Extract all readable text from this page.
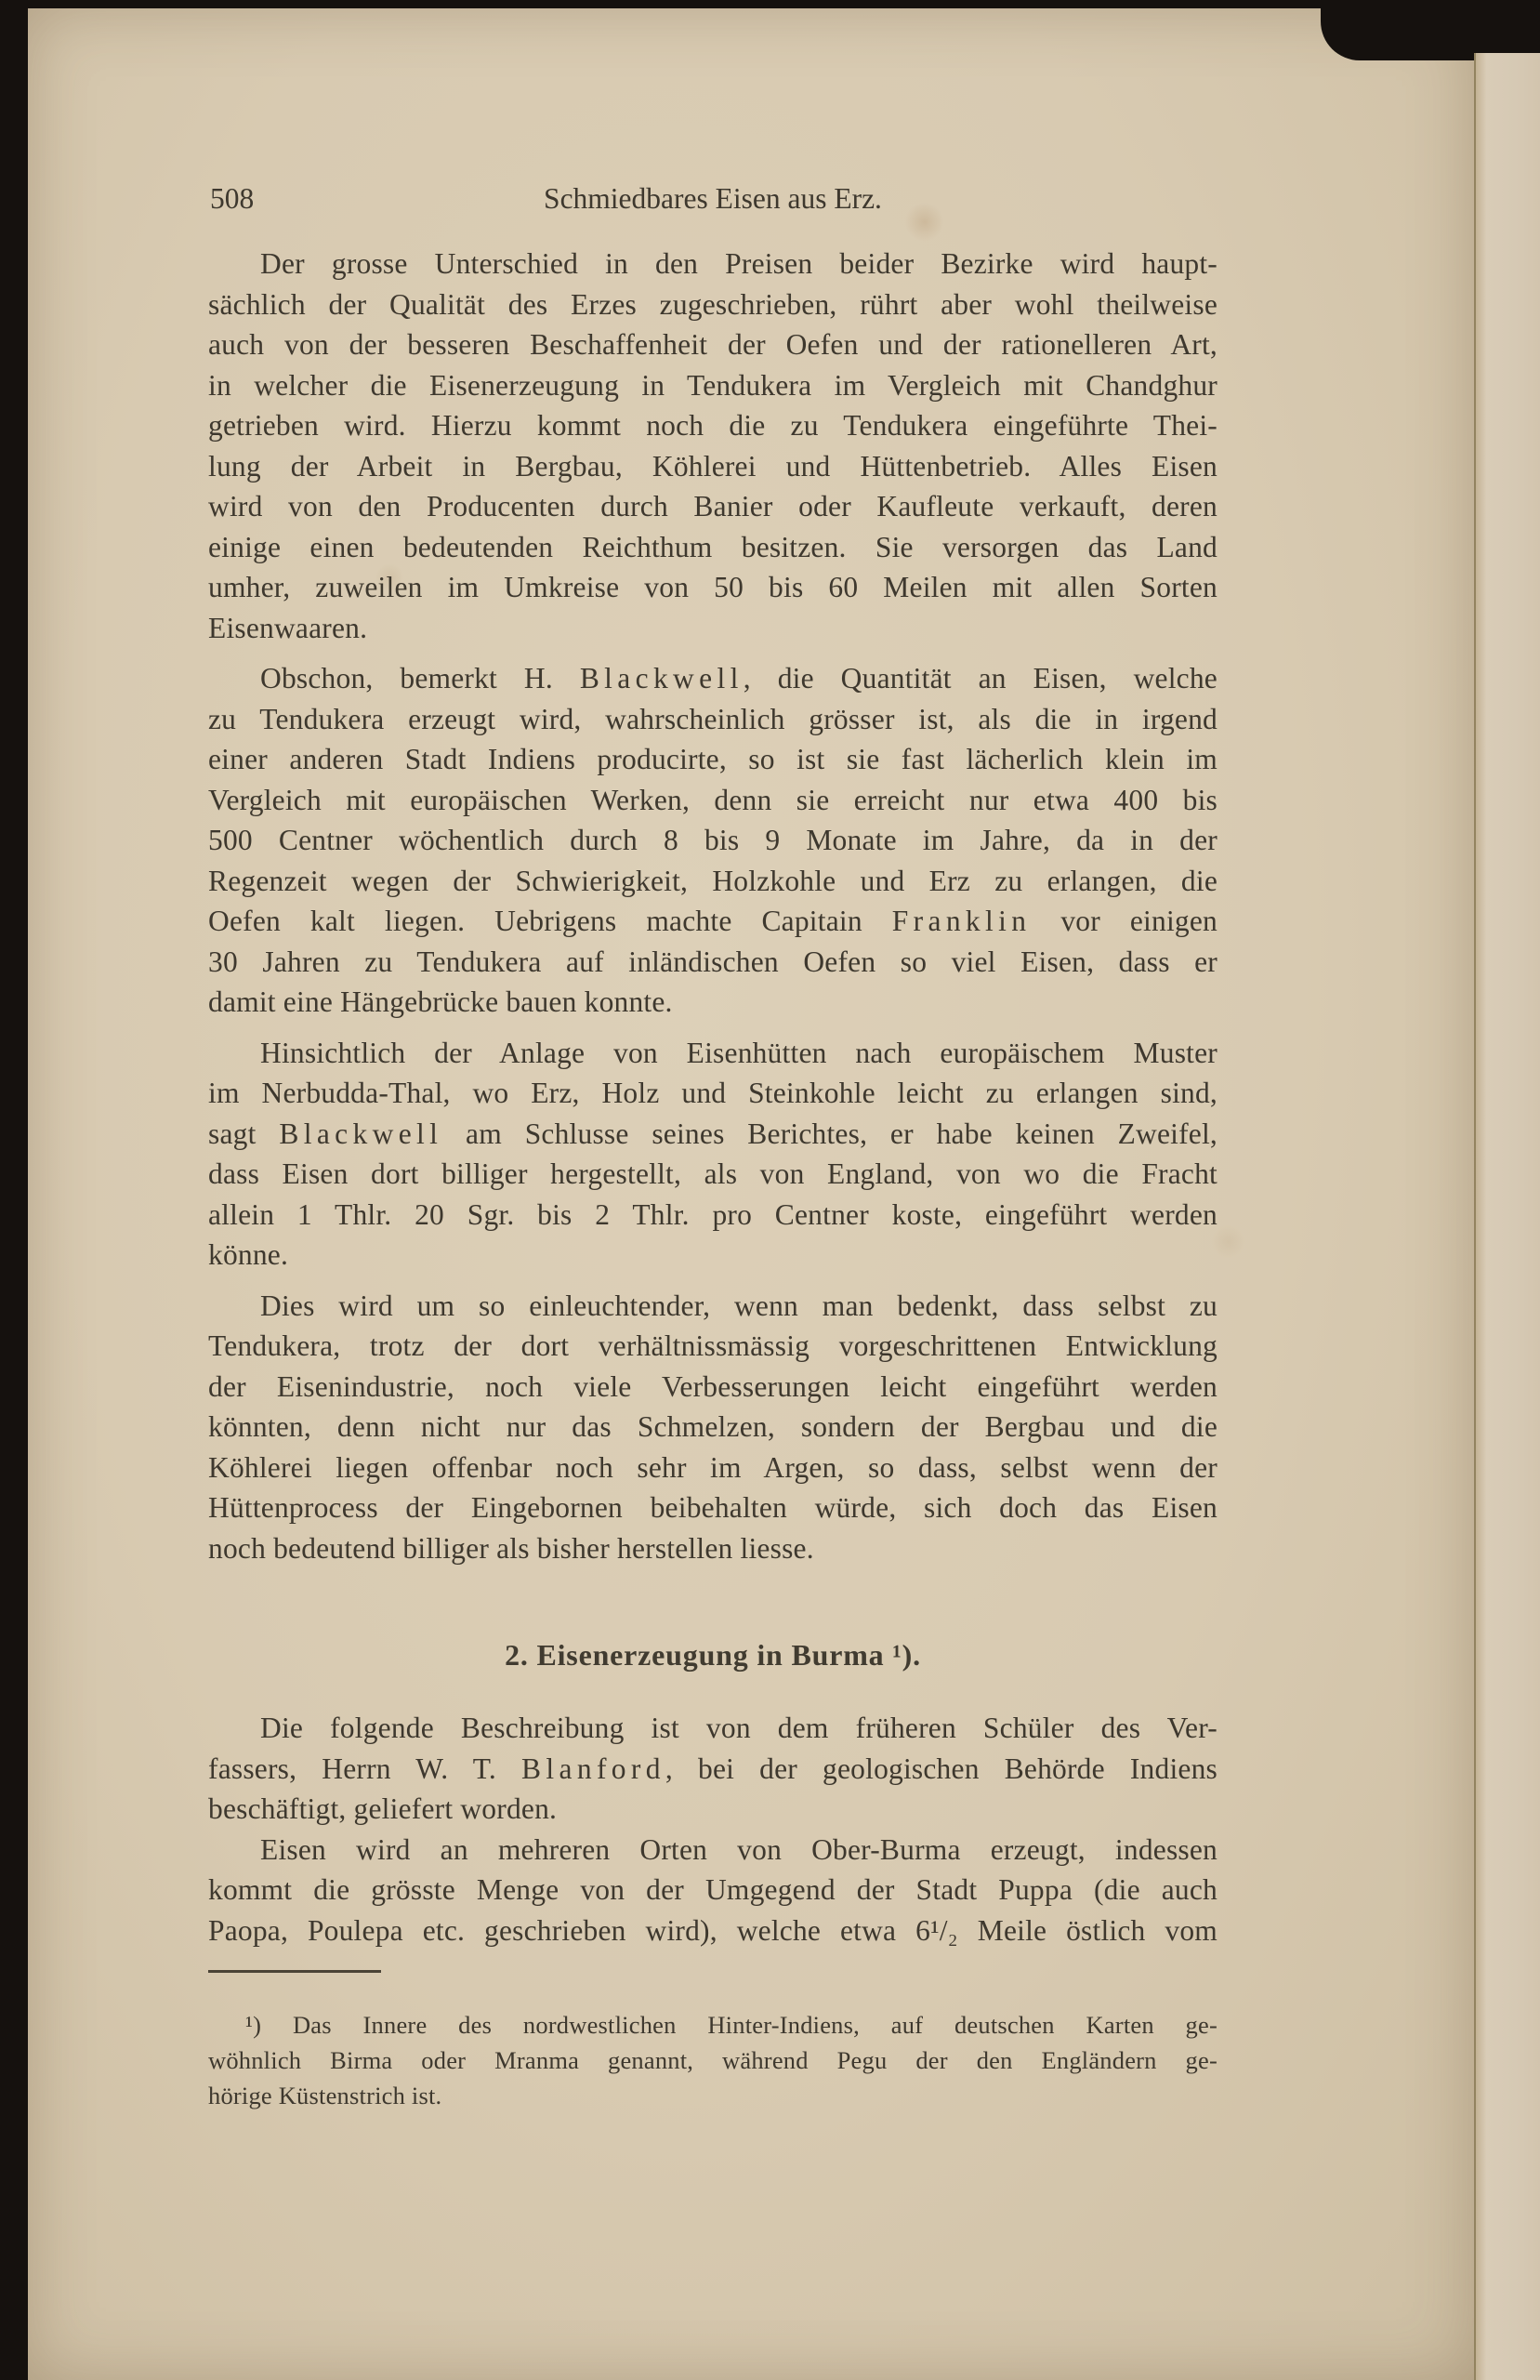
508	Schmiedbares Eisen aus Erz.
Der grosse Unterschied in den Preisen beider Bezirke wird haupt-
sächlich der Qualität des Erzes zugeschrieben, rührt aber wohl theilweise
auch von der besseren Beschaffenheit der Oefen und der rationelleren Art,
in welcher die Eisenerzeugung in Tendukera im Vergleich mit Chandghur
getrieben wird. Hierzu kommt noch die zu Tendukera eingeführte Thei-
lung der Arbeit in Bergbau, Köhlerei und Hüttenbetrieb. Alles Eisen
wird von den Producenten durch Banier oder Kaufleute verkauft, deren
einige einen bedeutenden Reichthum besitzen. Sie versorgen das Land
umher, zuweilen im Umkreise von 50 bis 60 Meilen mit allen Sorten
Eisenwaaren.
Obschon, bemerkt H. Blackwell, die Quantität an Eisen, welche
zu Tendukera erzeugt wird, wahrscheinlich grösser ist, als die in irgend
einer anderen Stadt Indiens producirte, so ist sie fast lächerlich klein im
Vergleich mit europäischen Werken, denn sie erreicht nur etwa 400 bis
500 Centner wöchentlich durch 8 bis 9 Monate im Jahre, da in der
Regenzeit wegen der Schwierigkeit, Holzkohle und Erz zu erlangen, die
Oefen kalt liegen. Uebrigens machte Capitain Franklin vor einigen
30 Jahren zu Tendukera auf inländischen Oefen so viel Eisen, dass er
damit eine Hängebrücke bauen konnte.
Hinsichtlich der Anlage von Eisenhütten nach europäischem Muster
im Nerbudda-Thal, wo Erz, Holz und Steinkohle leicht zu erlangen sind,
sagt Blackwell am Schlusse seines Berichtes, er habe keinen Zweifel,
dass Eisen dort billiger hergestellt, als von England, von wo die Fracht
allein 1 Thlr. 20 Sgr. bis 2 Thlr. pro Centner koste, eingeführt werden
könne.
Dies wird um so einleuchtender, wenn man bedenkt, dass selbst zu
Tendukera, trotz der dort verhältnissmässig vorgeschrittenen Entwicklung
der Eisenindustrie, noch viele Verbesserungen leicht eingeführt werden
könnten, denn nicht nur das Schmelzen, sondern der Bergbau und die
Köhlerei liegen offenbar noch sehr im Argen, so dass, selbst wenn der
Hüttenprocess der Eingebornen beibehalten würde, sich doch das Eisen
noch bedeutend billiger als bisher herstellen liesse.
2. Eisenerzeugung in Burma ¹).
Die folgende Beschreibung ist von dem früheren Schüler des Ver-
fassers, Herrn W. T. Blanford, bei der geologischen Behörde Indiens
beschäftigt, geliefert worden.
Eisen wird an mehreren Orten von Ober-Burma erzeugt, indessen
kommt die grösste Menge von der Umgegend der Stadt Puppa (die auch
Paopa, Poulepa etc. geschrieben wird), welche etwa 6¹/₂ Meile östlich vom
¹) Das Innere des nordwestlichen Hinter-Indiens, auf deutschen Karten ge-
wöhnlich Birma oder Mranma genannt, während Pegu der den Engländern ge-
hörige Küstenstrich ist.
